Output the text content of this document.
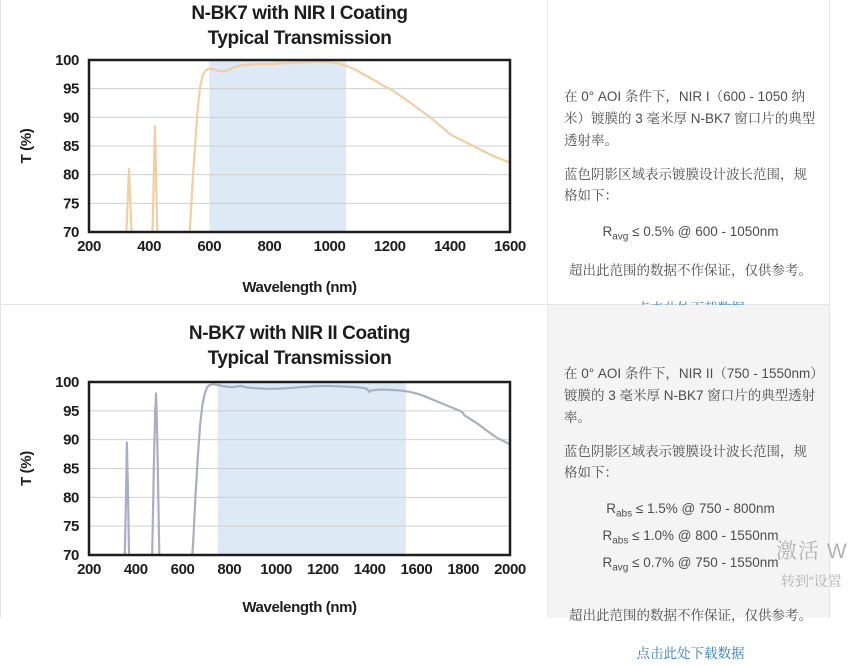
N-BK7 with NIR I Coating
Typical Transmission
200 400 600 800 1000 1200 1400 1600
70
75
80
85
90
95
100
Wavelength (nm)
T (%)

在 0° AOI 条件下，NIR I（600 - 1050 纳米）镀膜的 3 毫米厚 N-BK7 窗口片的典型透射率。

蓝色阴影区域表示镀膜设计波长范围，规格如下：

$R_{avg} \le 0.5\%$ @ 600 - 1050nm

超出此范围的数据不作保证，仅供参考。

N-BK7 with NIR II Coating
Typical Transmission
200 400 600 800 1000 1200 1400 1600 1800 2000
70
75
80
85
90
95
100
Wavelength (nm)
T (%)

在 0° AOI 条件下，NIR II（750 - 1550nm）镀膜的 3 毫米厚 N-BK7 窗口片的典型透射率。

蓝色阴影区域表示镀膜设计波长范围，规格如下：

$R_{abs} \le 1.5\%$ @ 750 - 800nm
$R_{abs} \le 1.0\%$ @ 800 - 1550nm
$R_{avg} \le 0.7\%$ @ 750 - 1550nm

超出此范围的数据不作保证，仅供参考。

点击此处下载数据

激活 W
转到“设置
